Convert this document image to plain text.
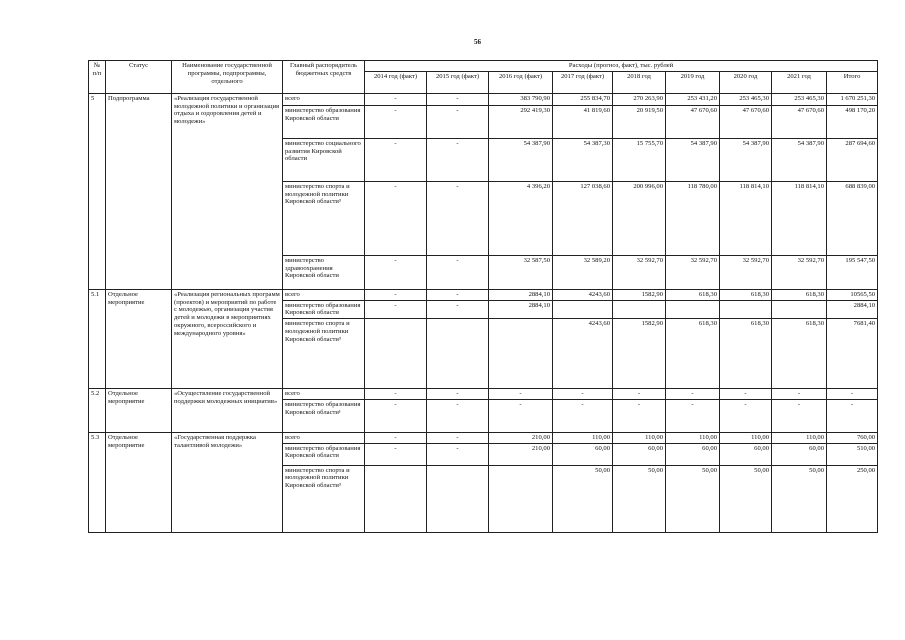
56
№ п/п	Статус	Наименование государственной программы, подпрограммы, отдельного	Главный распорядитель бюджетных средств	Расходы (прогноз, факт), тыс. рублей								
				2014 год (факт)	2015 год (факт)	2016 год (факт)	2017 год (факт)	2018 год	2019 год	2020 год	2021 год	Итого
5	Подпрограмма	«Реализация государственной молодежной политики и организация отдыха и оздоровления детей и молодежи»	всего	-	-	383 790,90	255 834,70	270 263,90	253 431,20	253 465,30	253 465,30	1 670 251,30
			министерство образования Кировской области	-	-	292 419,30	41 819,60	20 919,50	47 670,60	47 670,60	47 670,60	498 170,20
			министерство социального развития Кировской области	-	-	54 387,90	54 387,30	15 755,70	54 387,90	54 387,90	54 387,90	287 694,60
			министерство спорта и молодежной политики Кировской области³	-	-	4 396,20	127 038,60	200 996,00	118 780,00	118 814,10	118 814,10	688 839,00
			министерство здравоохранения Кировской области	-	-	32 587,50	32 589,20	32 592,70	32 592,70	32 592,70	32 592,70	195 547,50
5.1	Отдельное мероприятие	«Реализация региональных программ (проектов) и мероприятий по работе с молодежью, организация участия детей и молодежи в мероприятиях окружного, всероссийского и международного уровня»	всего	-	-	2884,10	4243,60	1582,90	618,30	618,30	618,30	10565,50
			министерство образования Кировской области	-	-	2884,10						2884,10
			министерство спорта и молодежной политики Кировской области³				4243,60	1582,90	618,30	618,30	618,30	7681,40
5.2	Отдельное мероприятие	«Осуществление государственной поддержки молодежных инициатив»	всего	-	-	-	-	-	-	-	-	-
			министерство образования Кировской области¹	-	-	-	-	-	-	-	-	-
5.3	Отдельное мероприятие	«Государственная поддержка талантливой молодежи»	всего	-	-	210,00	110,00	110,00	110,00	110,00	110,00	760,00
			министерство образования Кировской области	-	-	210,00	60,00	60,00	60,00	60,00	60,00	510,00
			министерство спорта и молодежной политики Кировской области³				50,00	50,00	50,00	50,00	50,00	250,00
